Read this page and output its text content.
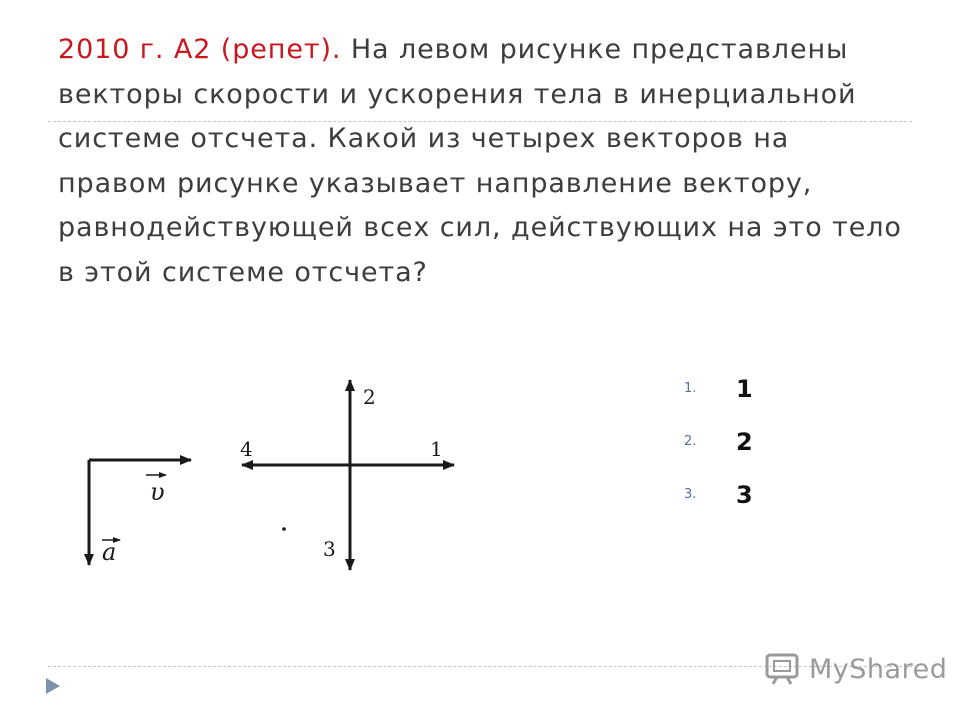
2010 г. А2 (репет). На левом рисунке представлены векторы скорости и ускорения тела в инерциальной системе отсчета. Какой из четырех векторов на правом рисунке указывает направление вектору, равнодействующей всех сил, действующих на это тело в этой системе отсчета?
υ
a
2
1
4
3
1.	1
2.	2
3.	3
MyShared
